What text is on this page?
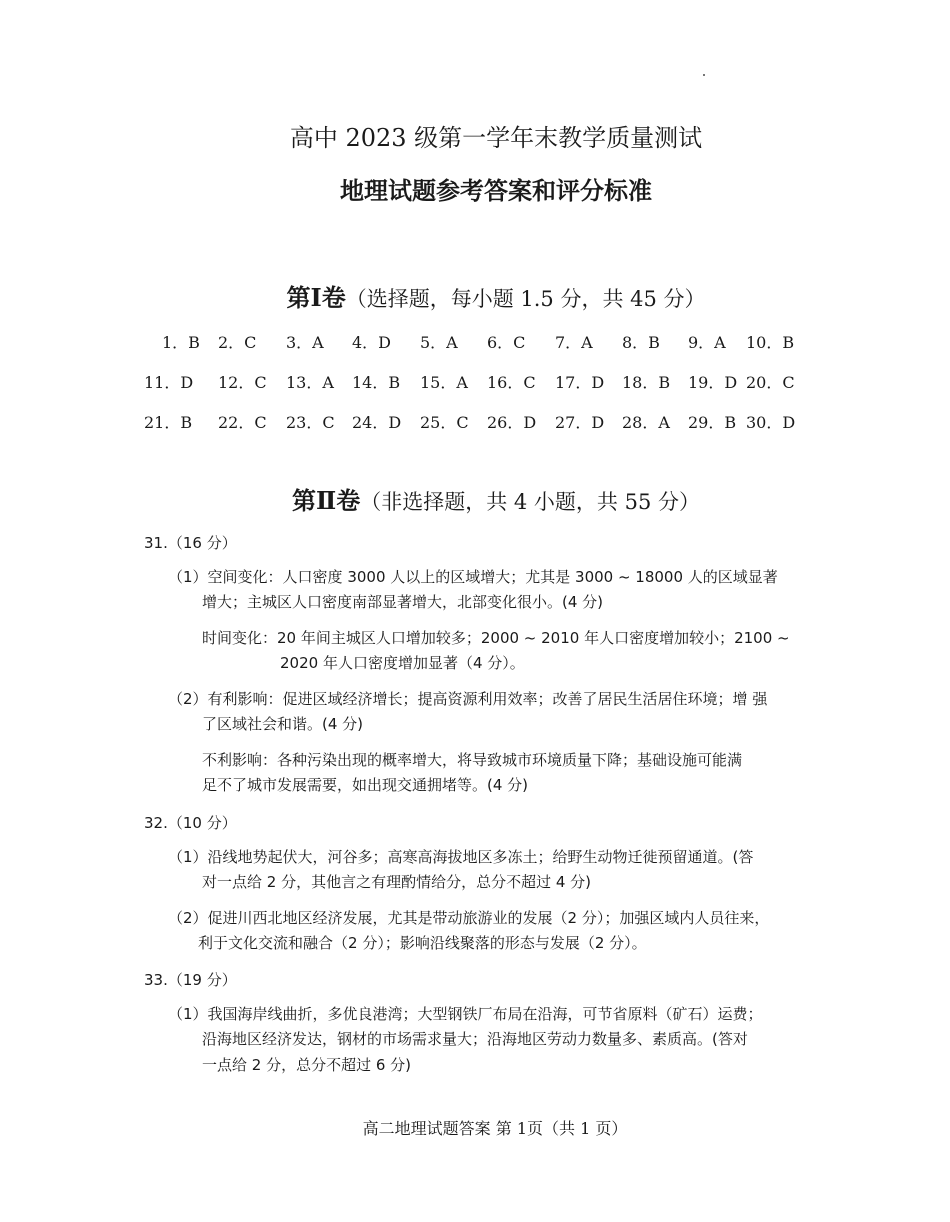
高中 2023 级第一学年末教学质量测试
地理试题参考答案和评分标准
第Ⅰ卷（选择题，每小题 1.5 分，共 45 分）
1．B 2．C 3．A 4．D 5．A 6．C 7．A 8．B 9．A 10．B
11．D 12．C 13．A 14．B 15．A 16．C 17．D 18．B 19．D 20．C
21．B 22．C 23．C 24．D 25．C 26．D 27．D 28．A 29．B 30．D
第Ⅱ卷（非选择题，共 4 小题，共 55 分）
31.（16 分）
（1）空间变化：人口密度 3000 人以上的区域增大；尤其是 3000 ~ 18000 人的区域显著
增大；主城区人口密度南部显著增大，北部变化很小。(4 分)
时间变化：20 年间主城区人口增加较多；2000 ~ 2010 年人口密度增加较小；2100 ~
2020 年人口密度增加显著（4 分）。
（2）有利影响：促进区域经济增长；提高资源利用效率；改善了居民生活居住环境；增 强
了区域社会和谐。(4 分)
不利影响：各种污染出现的概率增大，将导致城市环境质量下降；基础设施可能满
足不了城市发展需要，如出现交通拥堵等。(4 分)
32.（10 分）
（1）沿线地势起伏大，河谷多；高寒高海拔地区多冻土；给野生动物迁徙预留通道。(答
对一点给 2 分，其他言之有理酌情给分，总分不超过 4 分)
（2）促进川西北地区经济发展，尤其是带动旅游业的发展（2 分）；加强区域内人员往来，
利于文化交流和融合（2 分）；影响沿线聚落的形态与发展（2 分）。
33.（19 分）
（1）我国海岸线曲折，多优良港湾；大型钢铁厂布局在沿海，可节省原料（矿石）运费；
沿海地区经济发达，钢材的市场需求量大；沿海地区劳动力数量多、素质高。(答对
一点给 2 分，总分不超过 6 分)
高二地理试题答案 第 1页（共 1 页）
